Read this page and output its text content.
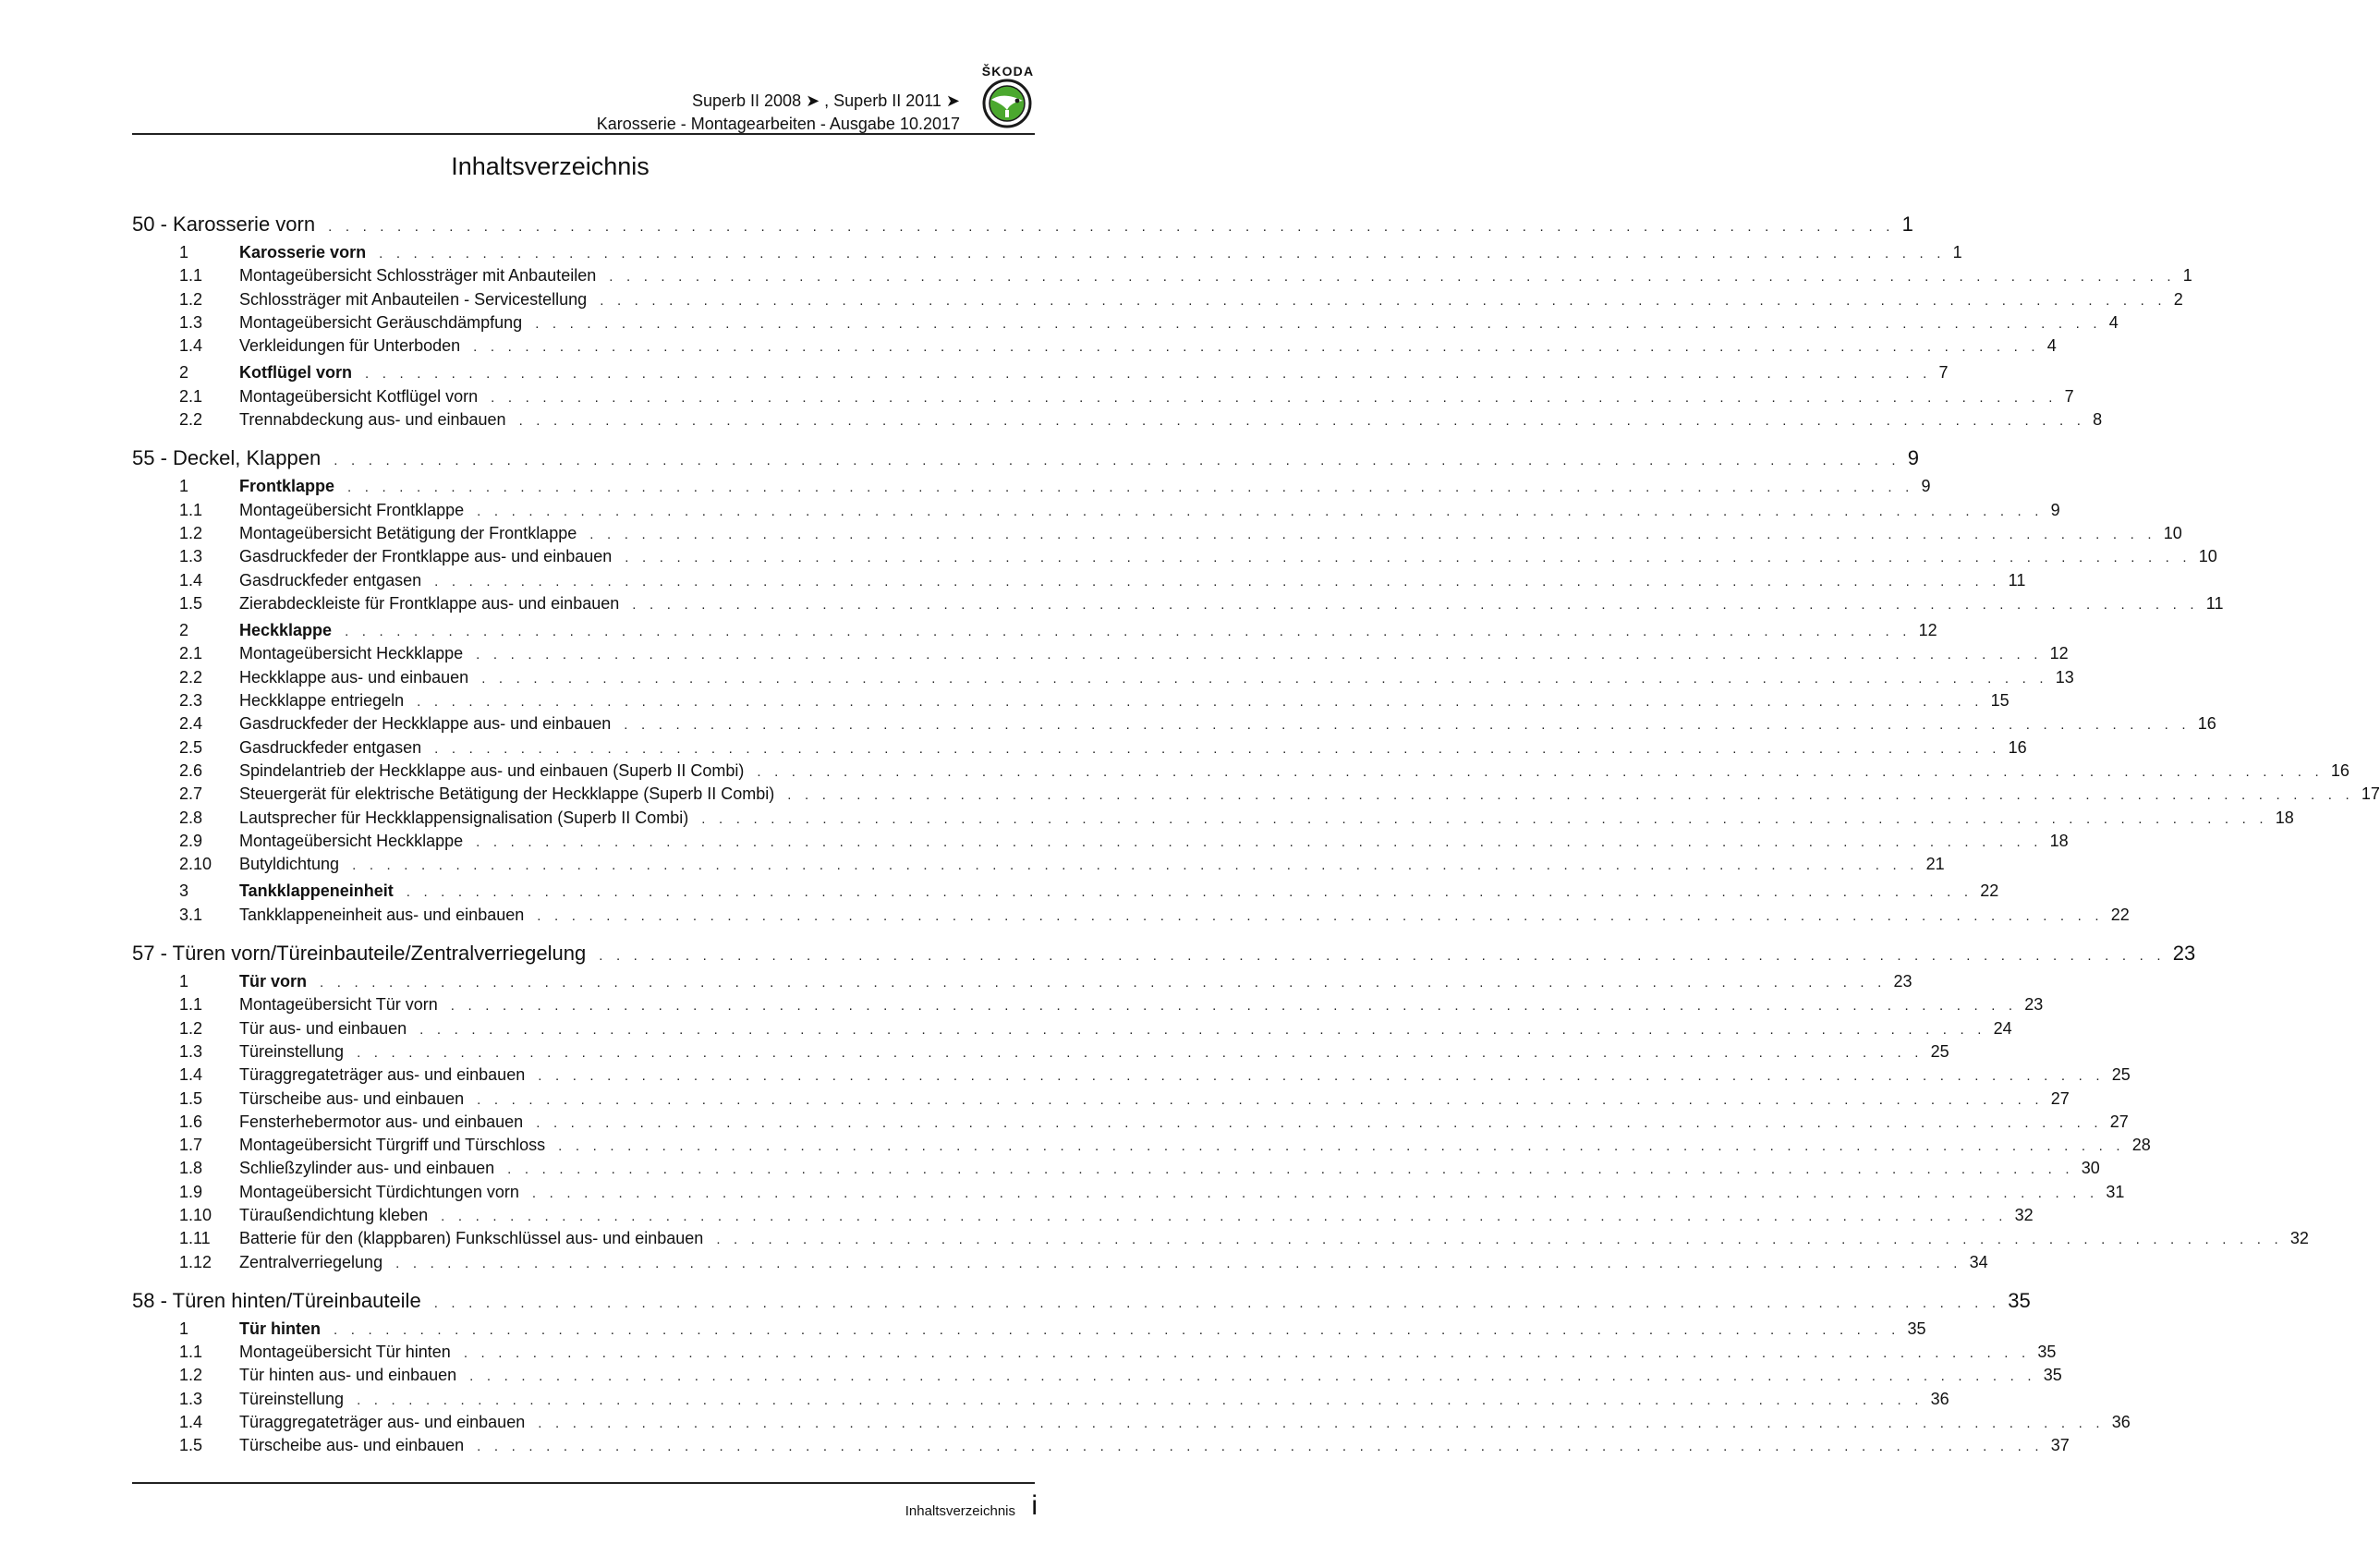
Superb II 2008 ➤ , Superb II 2011 ➤
Karosserie - Montagearbeiten - Ausgabe 10.2017
ŠKODA
Inhaltsverzeichnis
50 - Karosserie vorn . . . . . . . . . . . . . . . . . . . . . . . . . . . . . . . . . . . . . . . . . . . . . . . . . . . . . . . . . . . . . . . . . . . . . . . . . . . . . . . . . . . . . . . . . . . 1
1	Karosserie vorn . . . . . . . . . . . . . . . . . . . . . . . . . . . . . . . . . . . . . . . . . . . . . . . . . . . . . . . . . . . . . . . . . . . . . . . . . . . . . . . . . . . . . . . . . . . 1
1.1	Montageübersicht Schlossträger mit Anbauteilen . . . . . . . . . . . . . . . . . . . . . . . . . . . . . . . . . . . . . . . . . . . . . . . . . . . . . . . . . . . . . . . . . . . . . . . . . . . . . . . . . . . . . . . . . . . 1
1.2	Schlossträger mit Anbauteilen - Servicestellung . . . . . . . . . . . . . . . . . . . . . . . . . . . . . . . . . . . . . . . . . . . . . . . . . . . . . . . . . . . . . . . . . . . . . . . . . . . . . . . . . . . . . . . . . . . 2
1.3	Montageübersicht Geräuschdämpfung . . . . . . . . . . . . . . . . . . . . . . . . . . . . . . . . . . . . . . . . . . . . . . . . . . . . . . . . . . . . . . . . . . . . . . . . . . . . . . . . . . . . . . . . . . . 4
1.4	Verkleidungen für Unterboden . . . . . . . . . . . . . . . . . . . . . . . . . . . . . . . . . . . . . . . . . . . . . . . . . . . . . . . . . . . . . . . . . . . . . . . . . . . . . . . . . . . . . . . . . . . 4
2	Kotflügel vorn . . . . . . . . . . . . . . . . . . . . . . . . . . . . . . . . . . . . . . . . . . . . . . . . . . . . . . . . . . . . . . . . . . . . . . . . . . . . . . . . . . . . . . . . . . . 7
2.1	Montageübersicht Kotflügel vorn . . . . . . . . . . . . . . . . . . . . . . . . . . . . . . . . . . . . . . . . . . . . . . . . . . . . . . . . . . . . . . . . . . . . . . . . . . . . . . . . . . . . . . . . . . . 7
2.2	Trennabdeckung aus- und einbauen . . . . . . . . . . . . . . . . . . . . . . . . . . . . . . . . . . . . . . . . . . . . . . . . . . . . . . . . . . . . . . . . . . . . . . . . . . . . . . . . . . . . . . . . . . . 8
55 - Deckel, Klappen . . . . . . . . . . . . . . . . . . . . . . . . . . . . . . . . . . . . . . . . . . . . . . . . . . . . . . . . . . . . . . . . . . . . . . . . . . . . . . . . . . . . . . . . . . . 9
1	Frontklappe . . . . . . . . . . . . . . . . . . . . . . . . . . . . . . . . . . . . . . . . . . . . . . . . . . . . . . . . . . . . . . . . . . . . . . . . . . . . . . . . . . . . . . . . . . . 9
1.1	Montageübersicht Frontklappe . . . . . . . . . . . . . . . . . . . . . . . . . . . . . . . . . . . . . . . . . . . . . . . . . . . . . . . . . . . . . . . . . . . . . . . . . . . . . . . . . . . . . . . . . . . 9
1.2	Montageübersicht Betätigung der Frontklappe . . . . . . . . . . . . . . . . . . . . . . . . . . . . . . . . . . . . . . . . . . . . . . . . . . . . . . . . . . . . . . . . . . . . . . . . . . . . . . . . . . . . . . . . . . . 10
1.3	Gasdruckfeder der Frontklappe aus- und einbauen . . . . . . . . . . . . . . . . . . . . . . . . . . . . . . . . . . . . . . . . . . . . . . . . . . . . . . . . . . . . . . . . . . . . . . . . . . . . . . . . . . . . . . . . . . . 10
1.4	Gasdruckfeder entgasen . . . . . . . . . . . . . . . . . . . . . . . . . . . . . . . . . . . . . . . . . . . . . . . . . . . . . . . . . . . . . . . . . . . . . . . . . . . . . . . . . . . . . . . . . . . 11
1.5	Zierabdeckleiste für Frontklappe aus- und einbauen . . . . . . . . . . . . . . . . . . . . . . . . . . . . . . . . . . . . . . . . . . . . . . . . . . . . . . . . . . . . . . . . . . . . . . . . . . . . . . . . . . . . . . . . . . . 11
2	Heckklappe . . . . . . . . . . . . . . . . . . . . . . . . . . . . . . . . . . . . . . . . . . . . . . . . . . . . . . . . . . . . . . . . . . . . . . . . . . . . . . . . . . . . . . . . . . . 12
2.1	Montageübersicht Heckklappe . . . . . . . . . . . . . . . . . . . . . . . . . . . . . . . . . . . . . . . . . . . . . . . . . . . . . . . . . . . . . . . . . . . . . . . . . . . . . . . . . . . . . . . . . . . 12
2.2	Heckklappe aus- und einbauen . . . . . . . . . . . . . . . . . . . . . . . . . . . . . . . . . . . . . . . . . . . . . . . . . . . . . . . . . . . . . . . . . . . . . . . . . . . . . . . . . . . . . . . . . . . 13
2.3	Heckklappe entriegeln . . . . . . . . . . . . . . . . . . . . . . . . . . . . . . . . . . . . . . . . . . . . . . . . . . . . . . . . . . . . . . . . . . . . . . . . . . . . . . . . . . . . . . . . . . . 15
2.4	Gasdruckfeder der Heckklappe aus- und einbauen . . . . . . . . . . . . . . . . . . . . . . . . . . . . . . . . . . . . . . . . . . . . . . . . . . . . . . . . . . . . . . . . . . . . . . . . . . . . . . . . . . . . . . . . . . . 16
2.5	Gasdruckfeder entgasen . . . . . . . . . . . . . . . . . . . . . . . . . . . . . . . . . . . . . . . . . . . . . . . . . . . . . . . . . . . . . . . . . . . . . . . . . . . . . . . . . . . . . . . . . . . 16
2.6	Spindelantrieb der Heckklappe aus- und einbauen (Superb II Combi) . . . . . . . . . . . . . . . . . . . . . . . . . . . . . . . . . . . . . . . . . . . . . . . . . . . . . . . . . . . . . . . . . . . . . . . . . . . . . . . . . . . . . . . . . . . 16
2.7	Steuergerät für elektrische Betätigung der Heckklappe (Superb II Combi) . . . . . . . . . . . . . . . . . . . . . . . . . . . . . . . . . . . . . . . . . . . . . . . . . . . . . . . . . . . . . . . . . . . . . . . . . . . . . . . . . . . . . . . . . . . 17
2.8	Lautsprecher für Heckklappensignalisation (Superb II Combi) . . . . . . . . . . . . . . . . . . . . . . . . . . . . . . . . . . . . . . . . . . . . . . . . . . . . . . . . . . . . . . . . . . . . . . . . . . . . . . . . . . . . . . . . . . . 18
2.9	Montageübersicht Heckklappe . . . . . . . . . . . . . . . . . . . . . . . . . . . . . . . . . . . . . . . . . . . . . . . . . . . . . . . . . . . . . . . . . . . . . . . . . . . . . . . . . . . . . . . . . . . 18
2.10	Butyldichtung . . . . . . . . . . . . . . . . . . . . . . . . . . . . . . . . . . . . . . . . . . . . . . . . . . . . . . . . . . . . . . . . . . . . . . . . . . . . . . . . . . . . . . . . . . . 21
3	Tankklappeneinheit . . . . . . . . . . . . . . . . . . . . . . . . . . . . . . . . . . . . . . . . . . . . . . . . . . . . . . . . . . . . . . . . . . . . . . . . . . . . . . . . . . . . . . . . . . . 22
3.1	Tankklappeneinheit aus- und einbauen . . . . . . . . . . . . . . . . . . . . . . . . . . . . . . . . . . . . . . . . . . . . . . . . . . . . . . . . . . . . . . . . . . . . . . . . . . . . . . . . . . . . . . . . . . . 22
57 - Türen vorn/Türeinbauteile/Zentralverriegelung . . . . . . . . . . . . . . . . . . . . . . . . . . . . . . . . . . . . . . . . . . . . . . . . . . . . . . . . . . . . . . . . . . . . . . . . . . . . . . . . . . . . . . . . . . . 23
1	Tür vorn . . . . . . . . . . . . . . . . . . . . . . . . . . . . . . . . . . . . . . . . . . . . . . . . . . . . . . . . . . . . . . . . . . . . . . . . . . . . . . . . . . . . . . . . . . . 23
1.1	Montageübersicht Tür vorn . . . . . . . . . . . . . . . . . . . . . . . . . . . . . . . . . . . . . . . . . . . . . . . . . . . . . . . . . . . . . . . . . . . . . . . . . . . . . . . . . . . . . . . . . . . 23
1.2	Tür aus- und einbauen . . . . . . . . . . . . . . . . . . . . . . . . . . . . . . . . . . . . . . . . . . . . . . . . . . . . . . . . . . . . . . . . . . . . . . . . . . . . . . . . . . . . . . . . . . . 24
1.3	Türeinstellung . . . . . . . . . . . . . . . . . . . . . . . . . . . . . . . . . . . . . . . . . . . . . . . . . . . . . . . . . . . . . . . . . . . . . . . . . . . . . . . . . . . . . . . . . . . 25
1.4	Türaggregateträger aus- und einbauen . . . . . . . . . . . . . . . . . . . . . . . . . . . . . . . . . . . . . . . . . . . . . . . . . . . . . . . . . . . . . . . . . . . . . . . . . . . . . . . . . . . . . . . . . . . 25
1.5	Türscheibe aus- und einbauen . . . . . . . . . . . . . . . . . . . . . . . . . . . . . . . . . . . . . . . . . . . . . . . . . . . . . . . . . . . . . . . . . . . . . . . . . . . . . . . . . . . . . . . . . . . 27
1.6	Fensterhebermotor aus- und einbauen . . . . . . . . . . . . . . . . . . . . . . . . . . . . . . . . . . . . . . . . . . . . . . . . . . . . . . . . . . . . . . . . . . . . . . . . . . . . . . . . . . . . . . . . . . . 27
1.7	Montageübersicht Türgriff und Türschloss . . . . . . . . . . . . . . . . . . . . . . . . . . . . . . . . . . . . . . . . . . . . . . . . . . . . . . . . . . . . . . . . . . . . . . . . . . . . . . . . . . . . . . . . . . . 28
1.8	Schließzylinder aus- und einbauen . . . . . . . . . . . . . . . . . . . . . . . . . . . . . . . . . . . . . . . . . . . . . . . . . . . . . . . . . . . . . . . . . . . . . . . . . . . . . . . . . . . . . . . . . . . 30
1.9	Montageübersicht Türdichtungen vorn . . . . . . . . . . . . . . . . . . . . . . . . . . . . . . . . . . . . . . . . . . . . . . . . . . . . . . . . . . . . . . . . . . . . . . . . . . . . . . . . . . . . . . . . . . . 31
1.10	Türaußendichtung kleben . . . . . . . . . . . . . . . . . . . . . . . . . . . . . . . . . . . . . . . . . . . . . . . . . . . . . . . . . . . . . . . . . . . . . . . . . . . . . . . . . . . . . . . . . . . 32
1.11	Batterie für den (klappbaren) Funkschlüssel aus- und einbauen . . . . . . . . . . . . . . . . . . . . . . . . . . . . . . . . . . . . . . . . . . . . . . . . . . . . . . . . . . . . . . . . . . . . . . . . . . . . . . . . . . . . . . . . . . . 32
1.12	Zentralverriegelung . . . . . . . . . . . . . . . . . . . . . . . . . . . . . . . . . . . . . . . . . . . . . . . . . . . . . . . . . . . . . . . . . . . . . . . . . . . . . . . . . . . . . . . . . . . 34
58 - Türen hinten/Türeinbauteile . . . . . . . . . . . . . . . . . . . . . . . . . . . . . . . . . . . . . . . . . . . . . . . . . . . . . . . . . . . . . . . . . . . . . . . . . . . . . . . . . . . . . . . . . . . 35
1	Tür hinten . . . . . . . . . . . . . . . . . . . . . . . . . . . . . . . . . . . . . . . . . . . . . . . . . . . . . . . . . . . . . . . . . . . . . . . . . . . . . . . . . . . . . . . . . . . 35
1.1	Montageübersicht Tür hinten . . . . . . . . . . . . . . . . . . . . . . . . . . . . . . . . . . . . . . . . . . . . . . . . . . . . . . . . . . . . . . . . . . . . . . . . . . . . . . . . . . . . . . . . . . . 35
1.2	Tür hinten aus- und einbauen . . . . . . . . . . . . . . . . . . . . . . . . . . . . . . . . . . . . . . . . . . . . . . . . . . . . . . . . . . . . . . . . . . . . . . . . . . . . . . . . . . . . . . . . . . . 35
1.3	Türeinstellung . . . . . . . . . . . . . . . . . . . . . . . . . . . . . . . . . . . . . . . . . . . . . . . . . . . . . . . . . . . . . . . . . . . . . . . . . . . . . . . . . . . . . . . . . . . 36
1.4	Türaggregateträger aus- und einbauen . . . . . . . . . . . . . . . . . . . . . . . . . . . . . . . . . . . . . . . . . . . . . . . . . . . . . . . . . . . . . . . . . . . . . . . . . . . . . . . . . . . . . . . . . . . 36
1.5	Türscheibe aus- und einbauen . . . . . . . . . . . . . . . . . . . . . . . . . . . . . . . . . . . . . . . . . . . . . . . . . . . . . . . . . . . . . . . . . . . . . . . . . . . . . . . . . . . . . . . . . . . 37
Inhaltsverzeichnis i
